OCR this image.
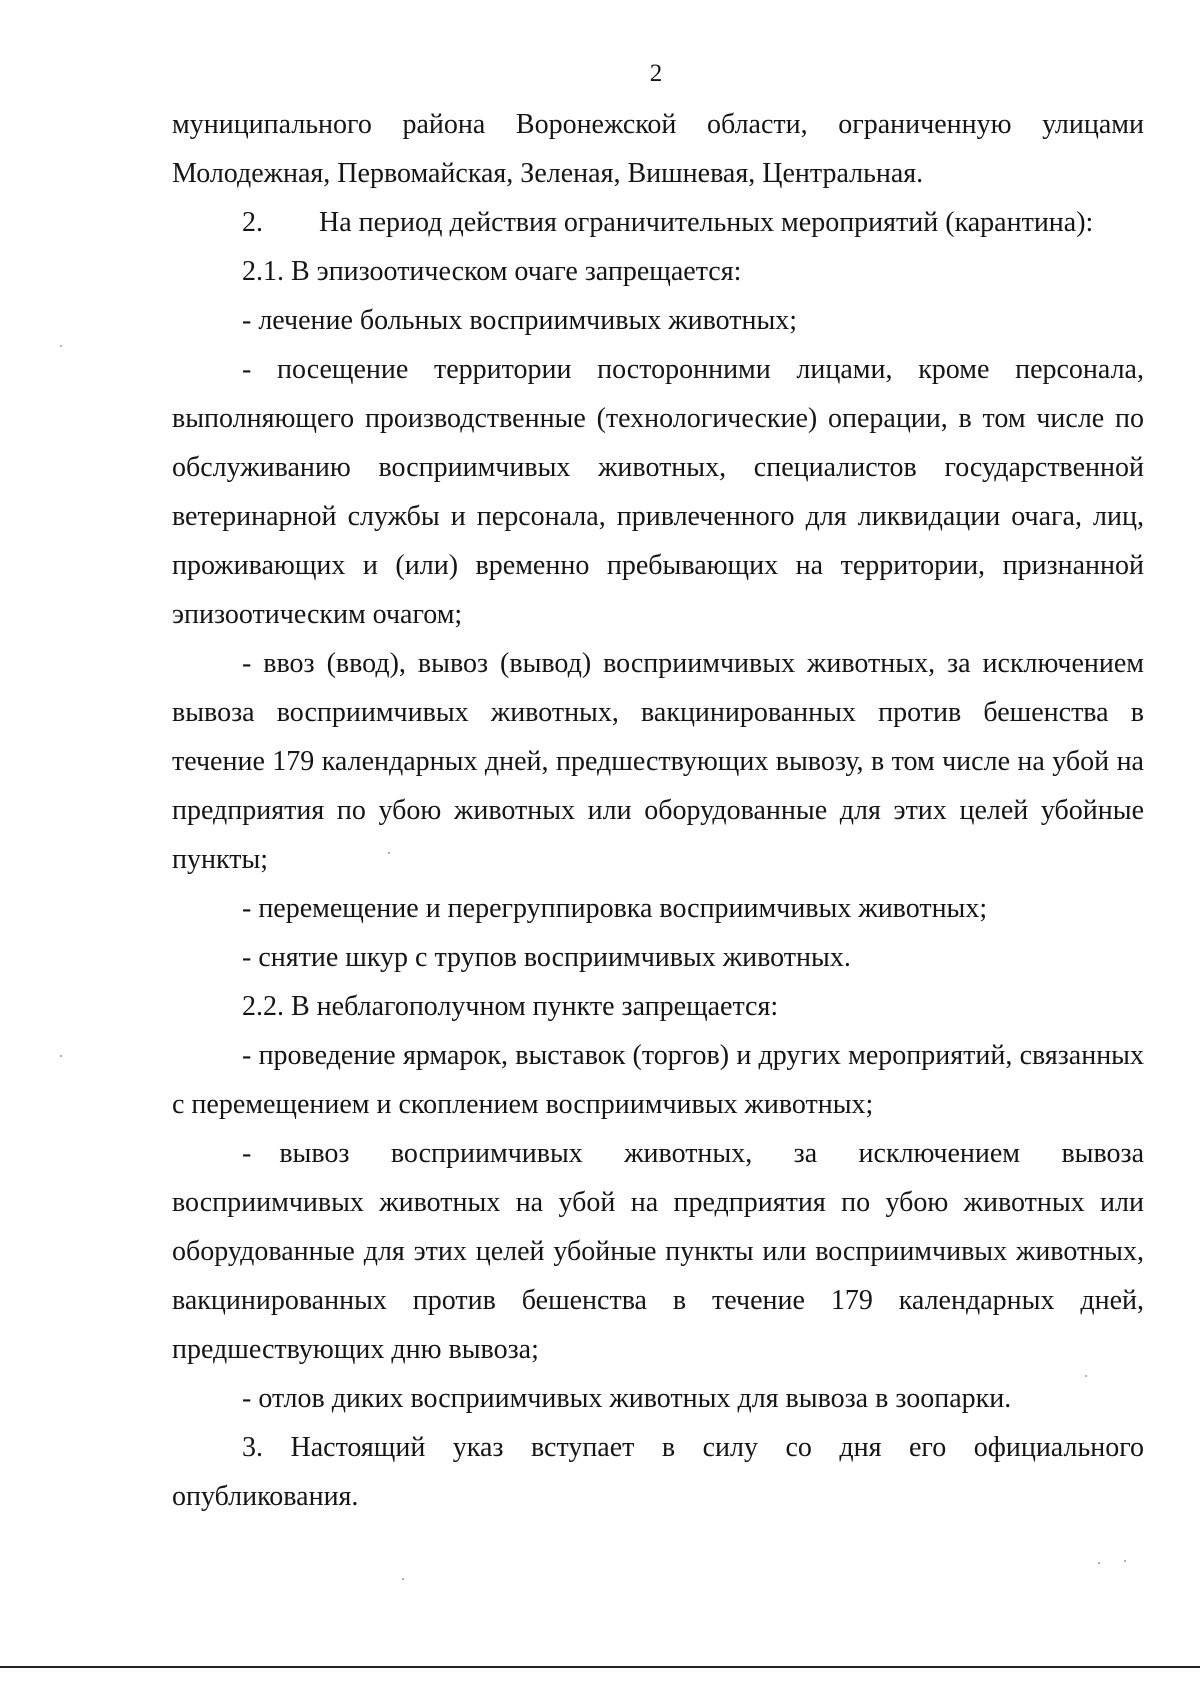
2

муниципального района Воронежской области, ограниченную улицами Молодежная, Первомайская, Зеленая, Вишневая, Центральная.

2.  На период действия ограничительных мероприятий (карантина):

2.1. В эпизоотическом очаге запрещается:

- лечение больных восприимчивых животных;

- посещение территории посторонними лицами, кроме персонала, выполняющего производственные (технологические) операции, в том числе по обслуживанию восприимчивых животных, специалистов государственной ветеринарной службы и персонала, привлеченного для ликвидации очага, лиц, проживающих и (или) временно пребывающих на территории, признанной эпизоотическим очагом;

- ввоз (ввод), вывоз (вывод) восприимчивых животных, за исключением вывоза восприимчивых животных, вакцинированных против бешенства в течение 179 календарных дней, предшествующих вывозу, в том числе на убой на предприятия по убою животных или оборудованные для этих целей убойные пункты;

- перемещение и перегруппировка восприимчивых животных;

- снятие шкур с трупов восприимчивых животных.

2.2. В неблагополучном пункте запрещается:

- проведение ярмарок, выставок (торгов) и других мероприятий, связанных с перемещением и скоплением восприимчивых животных;

- вывоз восприимчивых животных, за исключением вывоза восприимчивых животных на убой на предприятия по убою животных или оборудованные для этих целей убойные пункты или восприимчивых животных, вакцинированных против бешенства в течение 179 календарных дней, предшествующих дню вывоза;

- отлов диких восприимчивых животных для вывоза в зоопарки.

3. Настоящий указ вступает в силу со дня его официального опубликования.
